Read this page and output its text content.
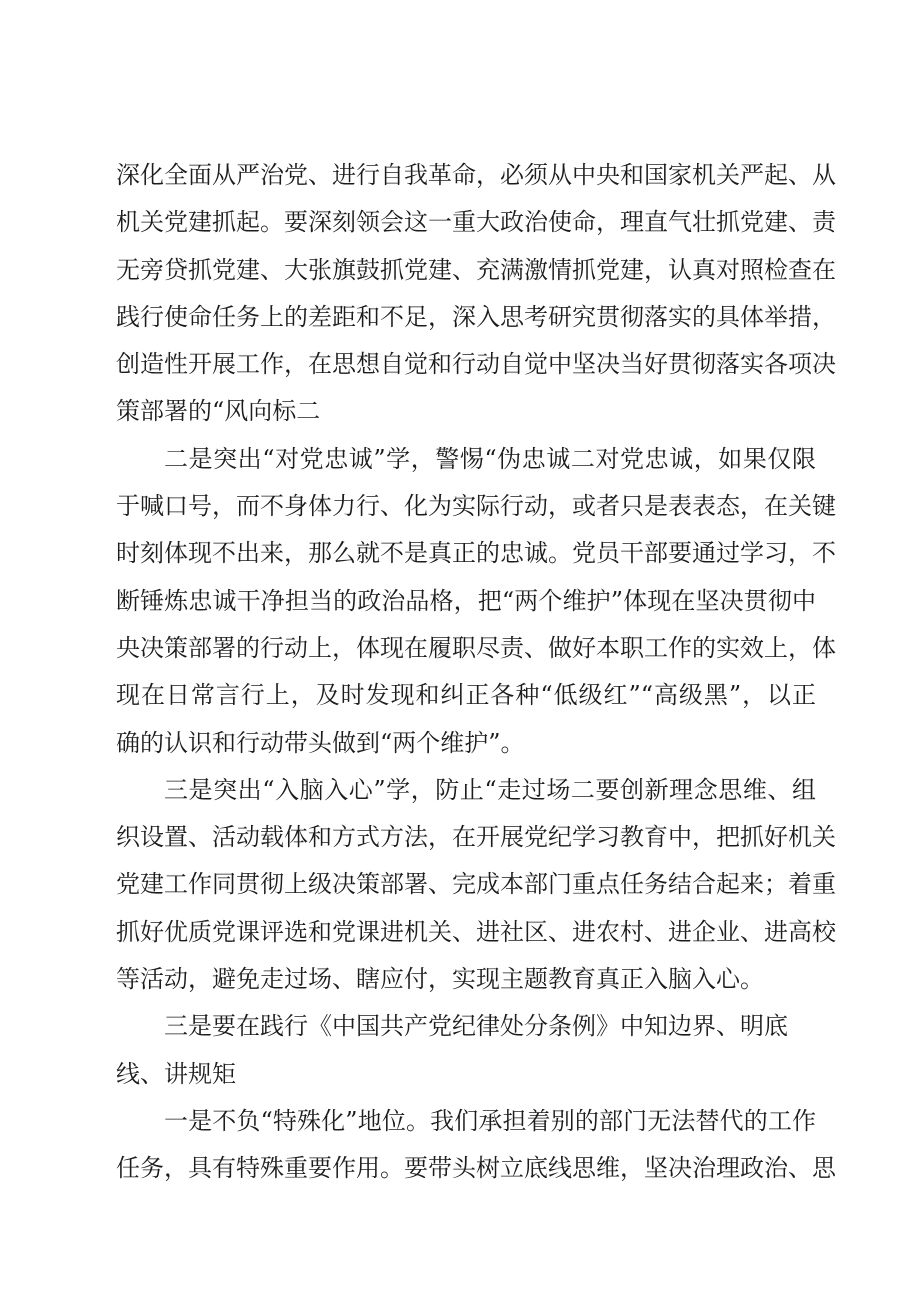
深化全面从严治党、进行自我革命，必须从中央和国家机关严起、从
机关党建抓起。要深刻领会这一重大政治使命，理直气壮抓党建、责
无旁贷抓党建、大张旗鼓抓党建、充满激情抓党建，认真对照检查在
践行使命任务上的差距和不足，深入思考研究贯彻落实的具体举措，
创造性开展工作，在思想自觉和行动自觉中坚决当好贯彻落实各项决
策部署的“风向标二
二是突出“对党忠诚”学，警惕“伪忠诚二对党忠诚，如果仅限
于喊口号，而不身体力行、化为实际行动，或者只是表表态，在关键
时刻体现不出来，那么就不是真正的忠诚。党员干部要通过学习，不
断锤炼忠诚干净担当的政治品格，把“两个维护”体现在坚决贯彻中
央决策部署的行动上，体现在履职尽责、做好本职工作的实效上，体
现在日常言行上，及时发现和纠正各种“低级红”“高级黑”，以正
确的认识和行动带头做到“两个维护”。
三是突出“入脑入心”学，防止“走过场二要创新理念思维、组
织设置、活动载体和方式方法，在开展党纪学习教育中，把抓好机关
党建工作同贯彻上级决策部署、完成本部门重点任务结合起来；着重
抓好优质党课评选和党课进机关、进社区、进农村、进企业、进高校
等活动，避免走过场、瞎应付，实现主题教育真正入脑入心。
三是要在践行《中国共产党纪律处分条例》中知边界、明底
线、讲规矩
一是不负“特殊化”地位。我们承担着别的部门无法替代的工作
任务，具有特殊重要作用。要带头树立底线思维，坚决治理政治、思
